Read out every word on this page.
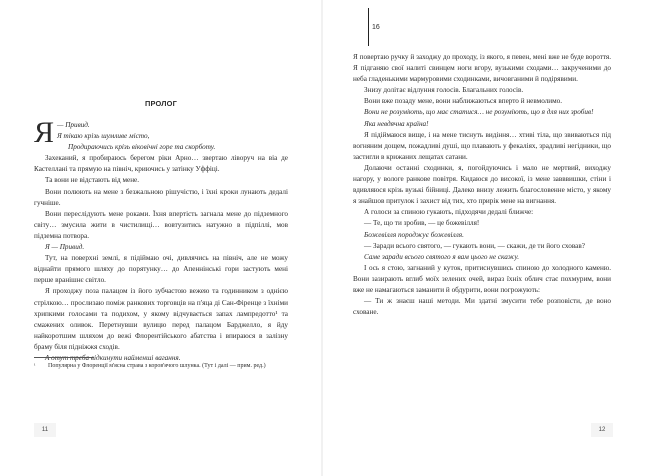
ПРОЛОГ

Я — Привид.

Я тікаю крізь шумливе місто,

Продираючись крізь віковічні горе та скорботу.

Захеканий, я пробираюсь берегом ріки Арно… звертаю ліворуч на віа де Кастеллані та прямую на північ, криючись у затінку Уффіці.

Та вони не відстають від мене.

Вони полюють на мене з безжальною рішучістю, і їхні кроки лунають дедалі гучніше.

Вони переслідують мене роками. Їхня впертість загнала мене до підземного світу… змусила жити в чистилищі… вовтузитись натужно в підпіллі, мов підземна потвора.

Я — Привид.

Тут, на поверхні землі, я підіймаю очі, дивлячись на північ, але не можу віднайти прямого шляху до порятунку… до Апеннінські гори застують мені перше вранішнє світло.

Я проходжу поза палацом із його зубчастою вежею та годинником з однією стрілкою… прослизаю поміж ранкових торговців на п'яца ді Сан-Фіренце з їхніми хрипкими голосами та подихом, у якому відчувається запах лампредотто¹ та смажених оливок. Перетнувши вулицю перед палацом Барджелло, я йду найкоротшим шляхом до вежі Флорентійського абатства і впираюся в залізну браму біля підніжжя сходів.

А отут треба відкинути найменші вагання.

¹ Популярна у Флоренції м'ясна страва з коров'ячого шлунка. (Тут і далі — прим. ред.)
11
16

Я повертаю ручку й заходжу до проходу, із якого, я певен, мені вже не буде вороття. Я підганяю свої налиті свинцем ноги вгору, вузькими сходами… закрученими до неба гладенькими мармуровими сходинками, вичовганими й подірявими.

Знизу долітає відлуння голосів. Благальних голосів.

Вони вже позаду мене, вони наближаються вперто й невмолимо.

Вони не розуміють, що має статися… не розуміють, що я для них зробив!

Яка невдячна країна!

Я підіймаюся вище, і на мене тиснуть видіння… хтиві тіла, що звиваються під вогняним дощем, пожадливі душі, що плавають у фекаліях, зрадливі негідники, що застигли в крижаних лещатах сатани.

Долаючи останні сходинки, я, погойдуючись і мало не мертвий, виходжу нагору, у вологе ранкове повітря. Кидаюся до високої, із мене завввишки, стіни і вдивляюся крізь вузькі бійниці. Далеко внизу лежить благословенне місто, у якому я знайшов притулок і захист від тих, хто прирік мене на вигнання.

А голоси за спиною гукають, підходячи дедалі ближче:

— Те, що ти зробив, — це божевілля!

Божевілля породжує божевілля.

— Заради всього святого, — гукають вони, — скажи, де ти його сховав?

Саме заради всього святого я вам цього не скажу.

І ось я стою, загнаний у куток, притиснувшись спиною до холодного каменю. Вони зазирають вглиб моїх зелених очей, вираз їхніх облич стає похмурим, вони вже не намагаються заманити й обдурити, вони погрожують:

— Ти ж знаєш наші методи. Ми здатні змусити тебе розповісти, де воно сховане.

12
